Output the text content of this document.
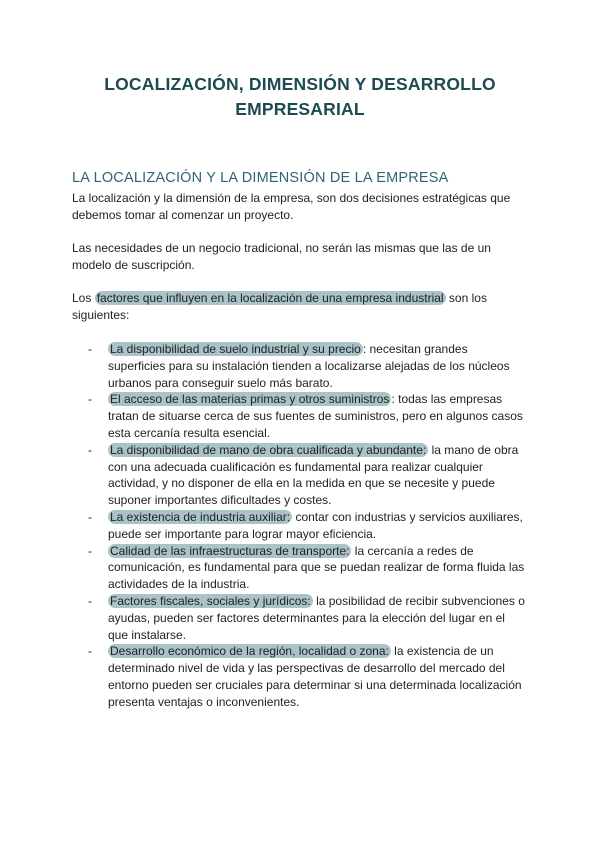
LOCALIZACIÓN, DIMENSIÓN Y DESARROLLO
EMPRESARIAL
LA LOCALIZACIÓN Y LA DIMENSIÓN DE LA EMPRESA

La localización y la dimensión de la empresa, son dos decisiones estratégicas que debemos tomar al comenzar un proyecto.

Las necesidades de un negocio tradicional, no serán las mismas que las de un modelo de suscripción.

Los factores que influyen en la localización de una empresa industrial son los siguientes:

-	La disponibilidad de suelo industrial y su precio : necesitan grandes superficies para su instalación tienden a localizarse alejadas de los núcleos urbanos para conseguir suelo más barato.
-	El acceso de las materias primas y otros suministros : todas las empresas tratan de situarse cerca de sus fuentes de suministros, pero en algunos casos esta cercanía resulta esencial.
-	La disponibilidad de mano de obra cualificada y abundante: la mano de obra con una adecuada cualificación es fundamental para realizar cualquier actividad, y no disponer de ella en la medida en que se necesite y puede suponer importantes dificultades y costes.
-	La existencia de industria auxiliar: contar con industrias y servicios auxiliares, puede ser importante para lograr mayor eficiencia.
-	Calidad de las infraestructuras de transporte: la cercanía a redes de comunicación, es fundamental para que se puedan realizar de forma fluida las actividades de la industria.
-	Factores fiscales, sociales y jurídicos: la posibilidad de recibir subvenciones o ayudas, pueden ser factores determinantes para la elección del lugar en el que instalarse.
-	Desarrollo económico de la región, localidad o zona: la existencia de un determinado nivel de vida y las perspectivas de desarrollo del mercado del entorno pueden ser cruciales para determinar si una determinada localización presenta ventajas o inconvenientes.
